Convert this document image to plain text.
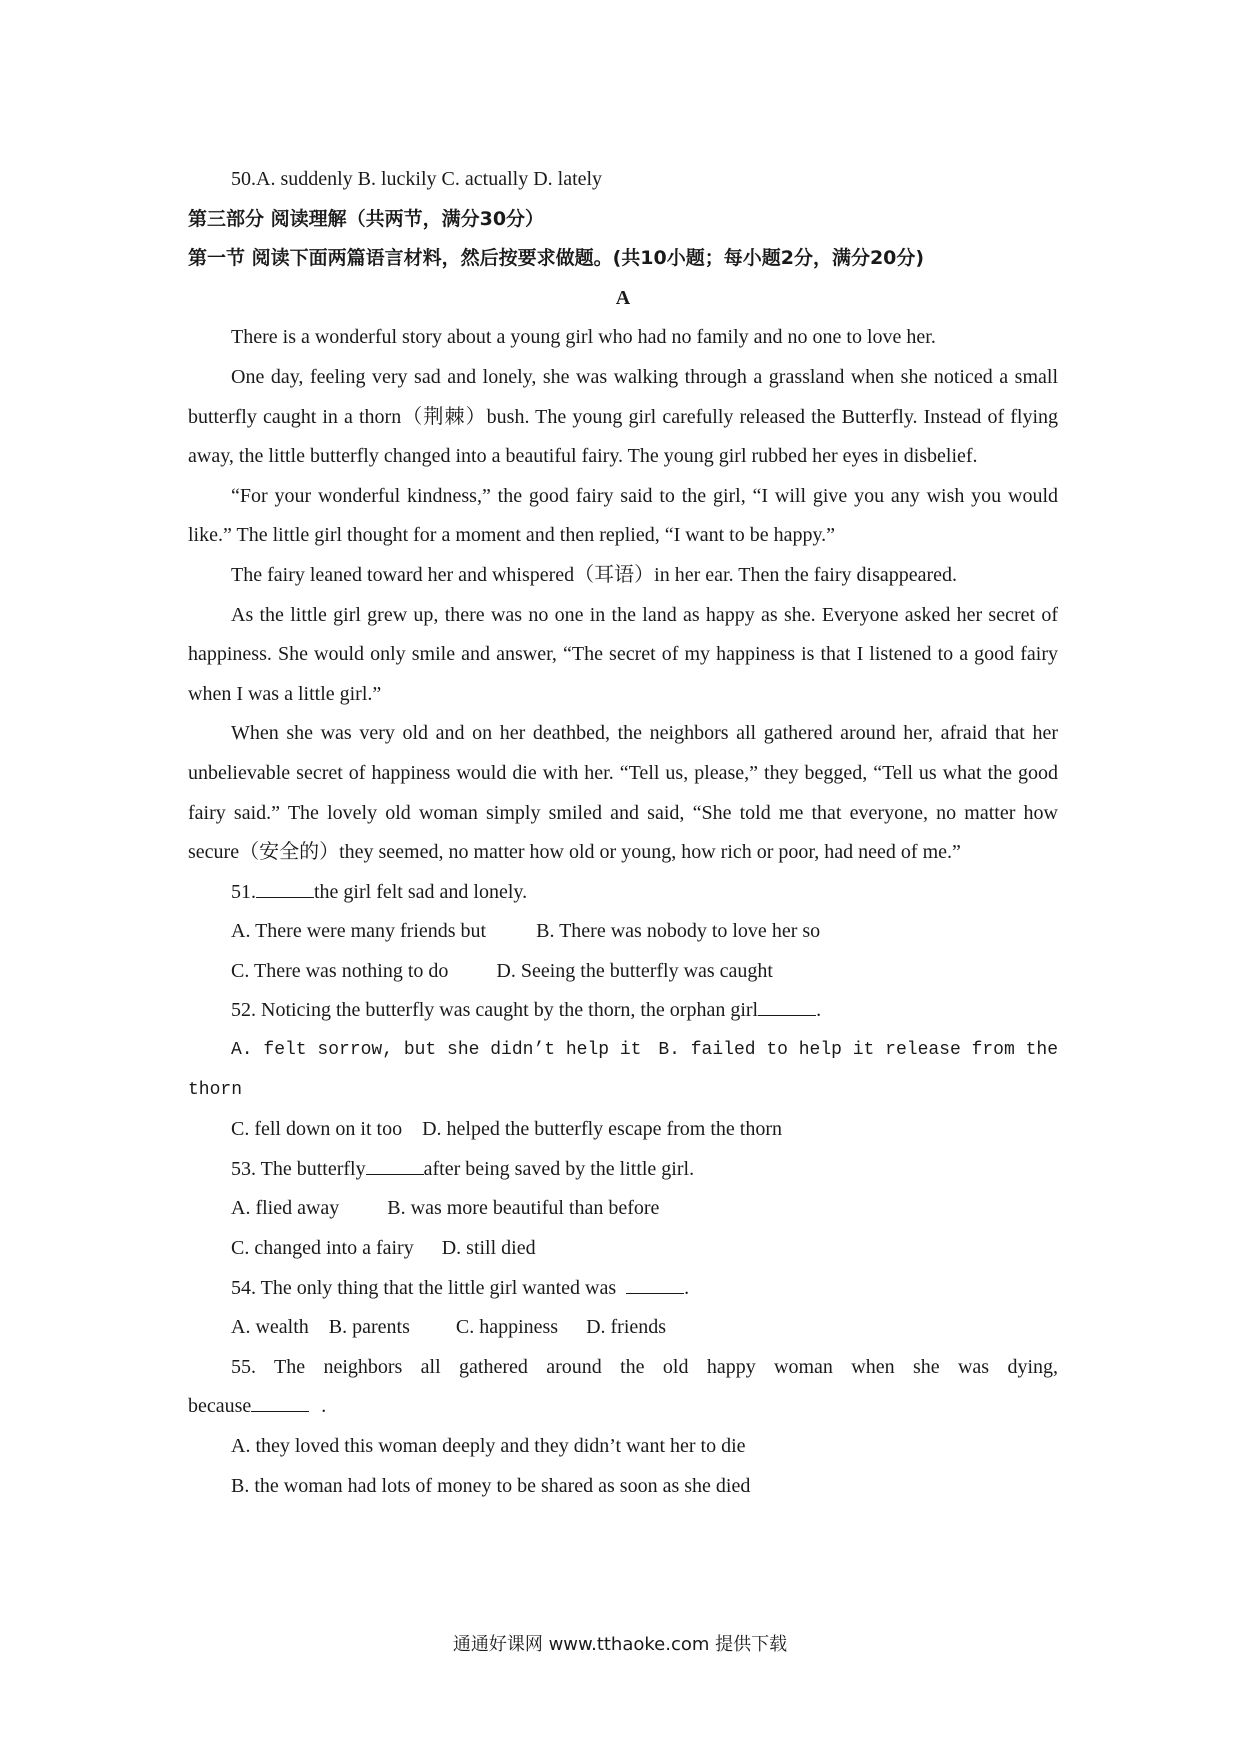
50.A. suddenly B. luckily C. actually D. lately
第三部分 阅读理解（共两节，满分30分）
第一节 阅读下面两篇语言材料，然后按要求做题。(共10小题；每小题2分，满分20分)
A
There is a wonderful story about a young girl who had no family and no one to love her.
One day, feeling very sad and lonely, she was walking through a grassland when she noticed a small butterfly caught in a thorn（荆棘）bush. The young girl carefully released the Butterfly. Instead of flying away, the little butterfly changed into a beautiful fairy. The young girl rubbed her eyes in disbelief.
“For your wonderful kindness,” the good fairy said to the girl, “I will give you any wish you would like.” The little girl thought for a moment and then replied, “I want to be happy.”
The fairy leaned toward her and whispered（耳语）in her ear. Then the fairy disappeared.
As the little girl grew up, there was no one in the land as happy as she. Everyone asked her secret of happiness. She would only smile and answer, “The secret of my happiness is that I listened to a good fairy when I was a little girl.”
When she was very old and on her deathbed, the neighbors all gathered around her, afraid that her unbelievable secret of happiness would die with her. “Tell us, please,” they begged, “Tell us what the good fairy said.” The lovely old woman simply smiled and said, “She told me that everyone, no matter how secure（安全的）they seemed, no matter how old or young, how rich or poor, had need of me.”
51.	the girl felt sad and lonely.
A. There were many friends but	B. There was nobody to love her so
C. There was nothing to do D. Seeing the butterfly was caught
52. Noticing the butterfly was caught by the thorn, the orphan girl	.
A. felt sorrow, but she didn’t help it B. failed to help it release from the
thorn
C. fell down on it too D. helped the butterfly escape from the thorn
53. The butterfly	after being saved by the little girl.
A. flied away B. was more beautiful than before
C. changed into a fairy D. still died
54. The only thing that the little girl wanted was	.
A. wealth B. parents C. happiness D. friends
55. The neighbors all gathered around the old happy woman when she was dying,
because	.
A. they loved this woman deeply and they didn’t want her to die
B. the woman had lots of money to be shared as soon as she died
通通好课网 www.tthaoke.com 提供下载
